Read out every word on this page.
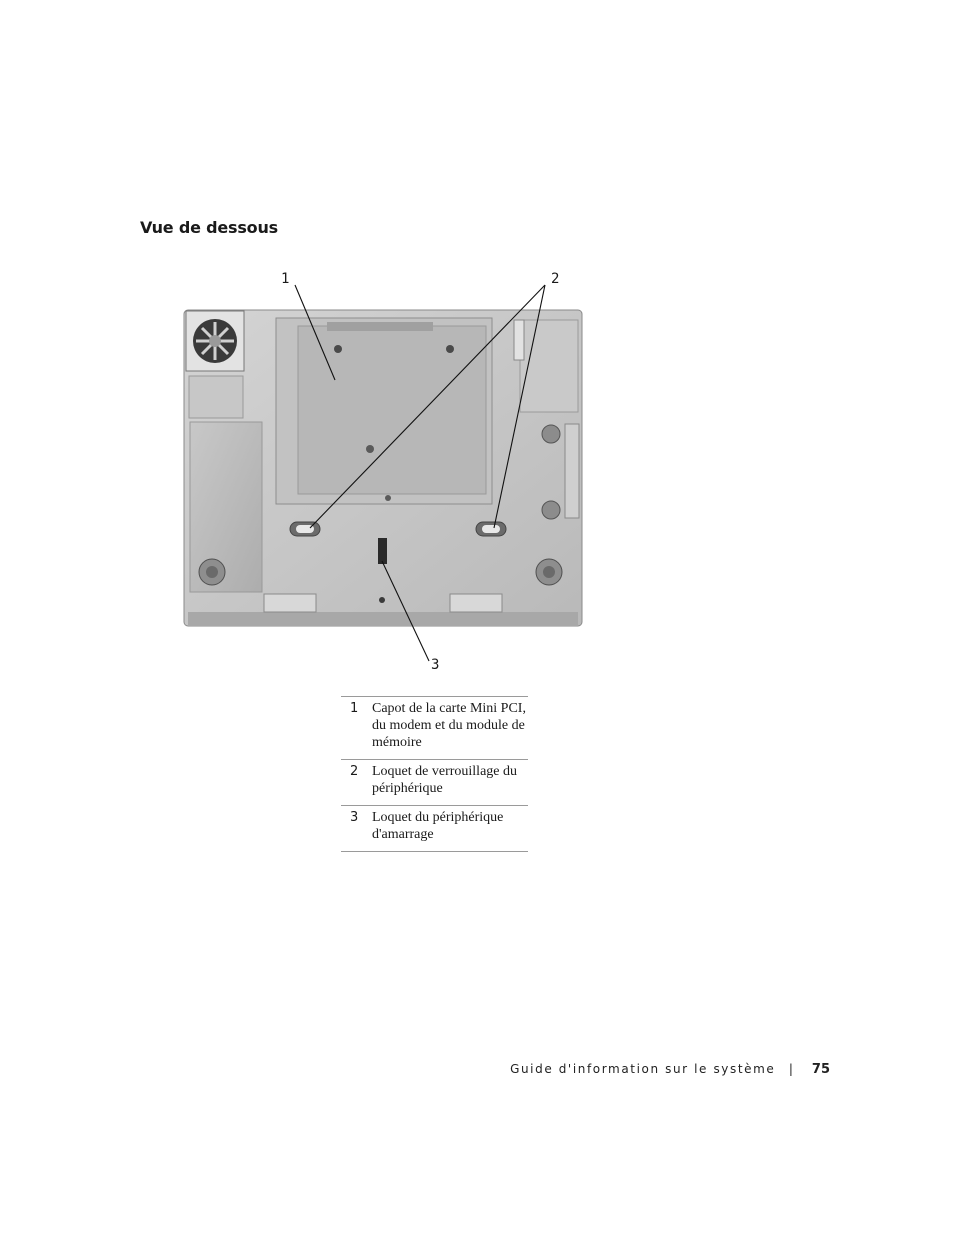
Vue de dessous
1	2
3
1	Capot de la carte Mini PCI, du modem et du module de mémoire
2	Loquet de verrouillage du périphérique
3	Loquet du périphérique d'amarrage
Guide d'information sur le système | 75
